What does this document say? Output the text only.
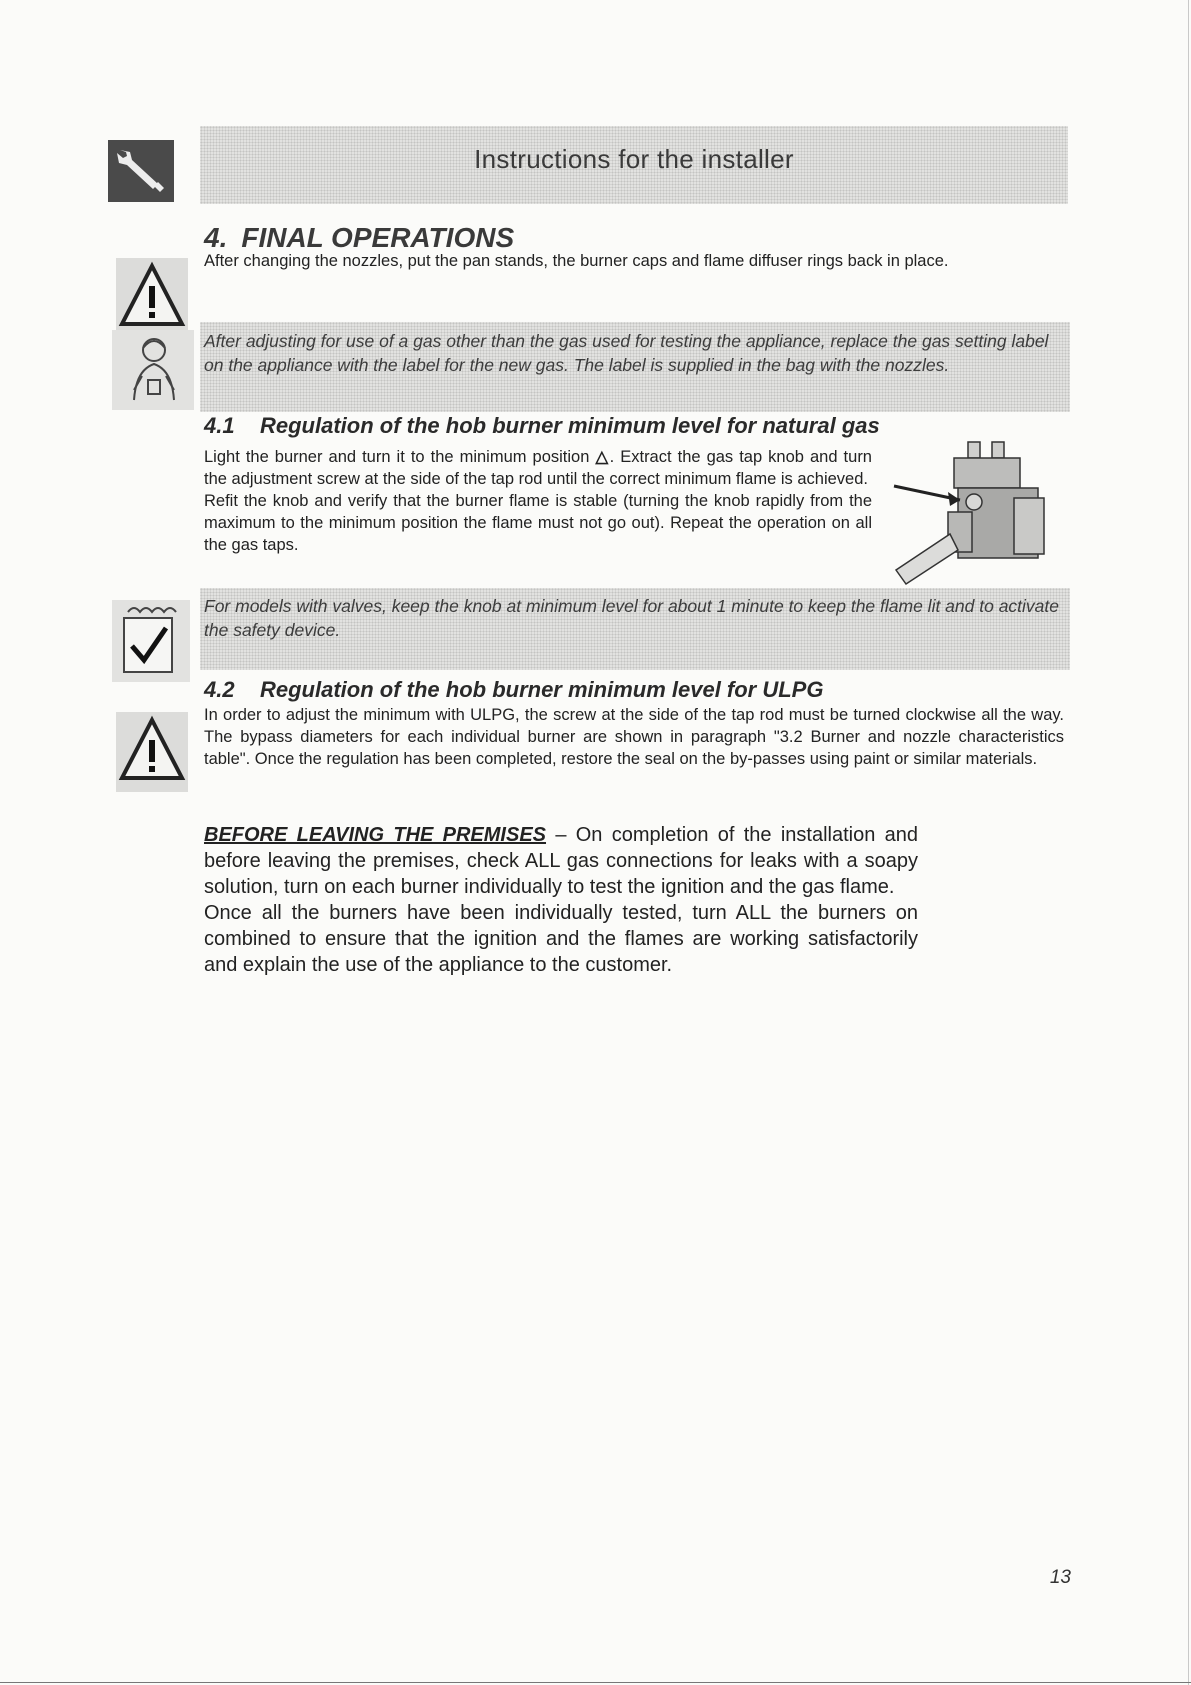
Instructions for the installer
4. FINAL OPERATIONS

After changing the nozzles, put the pan stands, the burner caps and flame diffuser rings back in place.

After adjusting for use of a gas other than the gas used for testing the appliance, replace the gas setting label on the appliance with the label for the new gas. The label is supplied in the bag with the nozzles.

4.1 Regulation of the hob burner minimum level for natural gas

Light the burner and turn it to the minimum position △. Extract the gas tap knob and turn the adjustment screw at the side of the tap rod until the correct minimum flame is achieved.

Refit the knob and verify that the burner flame is stable (turning the knob rapidly from the maximum to the minimum position the flame must not go out). Repeat the operation on all the gas taps.

For models with valves, keep the knob at minimum level for about 1 minute to keep the flame lit and to activate the safety device.

4.2 Regulation of the hob burner minimum level for ULPG

In order to adjust the minimum with ULPG, the screw at the side of the tap rod must be turned clockwise all the way. The bypass diameters for each individual burner are shown in paragraph "3.2 Burner and nozzle characteristics table". Once the regulation has been completed, restore the seal on the by-passes using paint or similar materials.

BEFORE LEAVING THE PREMISES – On completion of the installation and before leaving the premises, check ALL gas connections for leaks with a soapy solution, turn on each burner individually to test the ignition and the gas flame.

Once all the burners have been individually tested, turn ALL the burners on combined to ensure that the ignition and the flames are working satisfactorily and explain the use of the appliance to the customer.

13
